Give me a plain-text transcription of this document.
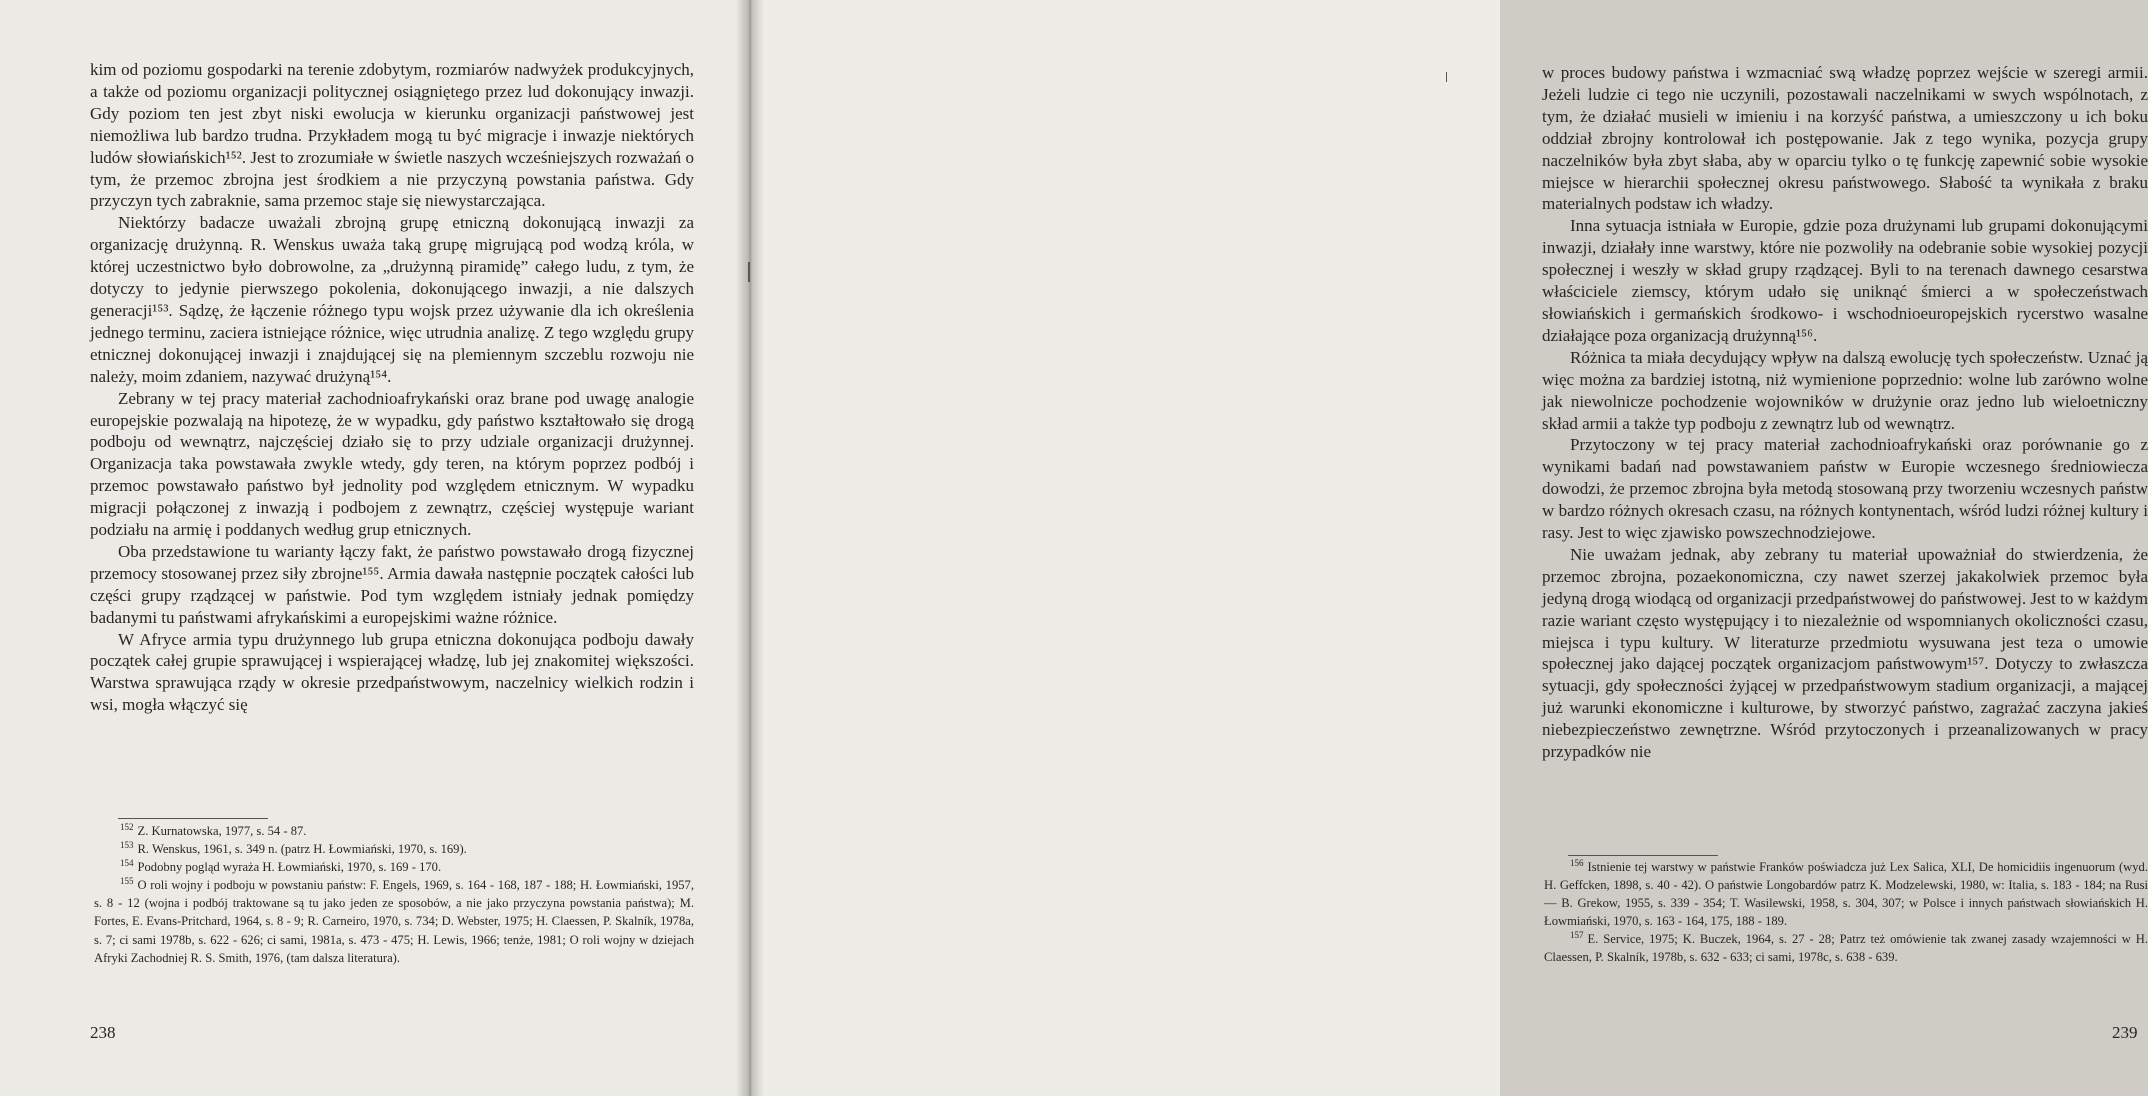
kim od poziomu gospodarki na terenie zdobytym, rozmiarów nadwyżek produkcyjnych, a także od poziomu organizacji politycznej osiągniętego przez lud dokonujący inwazji. Gdy poziom ten jest zbyt niski ewolucja w kierunku organizacji państwowej jest niemożliwa lub bardzo trudna. Przykładem mogą tu być migracje i inwazje niektórych ludów słowiańskich¹⁵². Jest to zrozumiałe w świetle naszych wcześniejszych rozważań o tym, że przemoc zbrojna jest środkiem a nie przyczyną powstania państwa. Gdy przyczyn tych zabraknie, sama przemoc staje się niewystarczająca.

Niektórzy badacze uważali zbrojną grupę etniczną dokonującą inwazji za organizację drużynną. R. Wenskus uważa taką grupę migrującą pod wodzą króla, w której uczestnictwo było dobrowolne, za „drużynną piramidę” całego ludu, z tym, że dotyczy to jedynie pierwszego pokolenia, dokonującego inwazji, a nie dalszych generacji¹⁵³. Sądzę, że łączenie różnego typu wojsk przez używanie dla ich określenia jednego terminu, zaciera istniejące różnice, więc utrudnia analizę. Z tego względu grupy etnicznej dokonującej inwazji i znajdującej się na plemiennym szczeblu rozwoju nie należy, moim zdaniem, nazywać drużyną¹⁵⁴.

Zebrany w tej pracy materiał zachodnioafrykański oraz brane pod uwagę analogie europejskie pozwalają na hipotezę, że w wypadku, gdy państwo kształtowało się drogą podboju od wewnątrz, najczęściej działo się to przy udziale organizacji drużynnej. Organizacja taka powstawała zwykle wtedy, gdy teren, na którym poprzez podbój i przemoc powstawało państwo był jednolity pod względem etnicznym. W wypadku migracji połączonej z inwazją i podbojem z zewnątrz, częściej występuje wariant podziału na armię i poddanych według grup etnicznych.

Oba przedstawione tu warianty łączy fakt, że państwo powstawało drogą fizycznej przemocy stosowanej przez siły zbrojne¹⁵⁵. Armia dawała następnie początek całości lub części grupy rządzącej w państwie. Pod tym względem istniały jednak pomiędzy badanymi tu państwami afrykańskimi a europejskimi ważne różnice.

W Afryce armia typu drużynnego lub grupa etniczna dokonująca podboju dawały początek całej grupie sprawującej i wspierającej władzę, lub jej znakomitej większości. Warstwa sprawująca rządy w okresie przedpaństwowym, naczelnicy wielkich rodzin i wsi, mogła włączyć się

$^{152}$ Z. Kurnatowska, 1977, s. 54 - 87.

$^{153}$ R. Wenskus, 1961, s. 349 n. (patrz H. Łowmiański, 1970, s. 169).

$^{154}$ Podobny pogląd wyraża H. Łowmiański, 1970, s. 169 - 170.

$^{155}$ O roli wojny i podboju w powstaniu państw: F. Engels, 1969, s. 164 - 168, 187 - 188; H. Łowmiański, 1957, s. 8 - 12 (wojna i podbój traktowane są tu jako jeden ze sposobów, a nie jako przyczyna powstania państwa); M. Fortes, E. Evans-Pritchard, 1964, s. 8 - 9; R. Carneiro, 1970, s. 734; D. Webster, 1975; H. Claessen, P. Skalník, 1978a, s. 7; ci sami 1978b, s. 622 - 626; ci sami, 1981a, s. 473 - 475; H. Lewis, 1966; tenże, 1981; O roli wojny w dziejach Afryki Zachodniej R. S. Smith, 1976, (tam dalsza literatura).

238

w proces budowy państwa i wzmacniać swą władzę poprzez wejście w szeregi armii. Jeżeli ludzie ci tego nie uczynili, pozostawali naczelnikami w swych wspólnotach, z tym, że działać musieli w imieniu i na korzyść państwa, a umieszczony u ich boku oddział zbrojny kontrolował ich postępowanie. Jak z tego wynika, pozycja grupy naczelników była zbyt słaba, aby w oparciu tylko o tę funkcję zapewnić sobie wysokie miejsce w hierarchii społecznej okresu państwowego. Słabość ta wynikała z braku materialnych podstaw ich władzy.

Inna sytuacja istniała w Europie, gdzie poza drużynami lub grupami dokonującymi inwazji, działały inne warstwy, które nie pozwoliły na odebranie sobie wysokiej pozycji społecznej i weszły w skład grupy rządzącej. Byli to na terenach dawnego cesarstwa właściciele ziemscy, którym udało się uniknąć śmierci a w społeczeństwach słowiańskich i germańskich środkowo- i wschodnioeuropejskich rycerstwo wasalne działające poza organizacją drużynną¹⁵⁶.

Różnica ta miała decydujący wpływ na dalszą ewolucję tych społeczeństw. Uznać ją więc można za bardziej istotną, niż wymienione poprzednio: wolne lub zarówno wolne jak niewolnicze pochodzenie wojowników w drużynie oraz jedno lub wieloetniczny skład armii a także typ podboju z zewnątrz lub od wewnątrz.

Przytoczony w tej pracy materiał zachodnioafrykański oraz porównanie go z wynikami badań nad powstawaniem państw w Europie wczesnego średniowiecza dowodzi, że przemoc zbrojna była metodą stosowaną przy tworzeniu wczesnych państw w bardzo różnych okresach czasu, na różnych kontynentach, wśród ludzi różnej kultury i rasy. Jest to więc zjawisko powszechnodziejowe.

Nie uważam jednak, aby zebrany tu materiał upoważniał do stwierdzenia, że przemoc zbrojna, pozaekonomiczna, czy nawet szerzej jakakolwiek przemoc była jedyną drogą wiodącą od organizacji przedpaństwowej do państwowej. Jest to w każdym razie wariant często występujący i to niezależnie od wspomnianych okoliczności czasu, miejsca i typu kultury. W literaturze przedmiotu wysuwana jest teza o umowie społecznej jako dającej początek organizacjom państwowym¹⁵⁷. Dotyczy to zwłaszcza sytuacji, gdy społeczności żyjącej w przedpaństwowym stadium organizacji, a mającej już warunki ekonomiczne i kulturowe, by stworzyć państwo, zagrażać zaczyna jakieś niebezpieczeństwo zewnętrzne. Wśród przytoczonych i przeanalizowanych w pracy przypadków nie

$^{156}$ Istnienie tej warstwy w państwie Franków poświadcza już Lex Salica, XLI, De homicidiis ingenuorum (wyd. H. Geffcken, 1898, s. 40 - 42). O państwie Longobardów patrz K. Modzelewski, 1980, w: Italia, s. 183 - 184; na Rusi — B. Grekow, 1955, s. 339 - 354; T. Wasilewski, 1958, s. 304, 307; w Polsce i innych państwach słowiańskich H. Łowmiański, 1970, s. 163 - 164, 175, 188 - 189.

$^{157}$ E. Service, 1975; K. Buczek, 1964, s. 27 - 28; Patrz też omówienie tak zwanej zasady wzajemności w H. Claessen, P. Skalník, 1978b, s. 632 - 633; ci sami, 1978c, s. 638 - 639.

239
